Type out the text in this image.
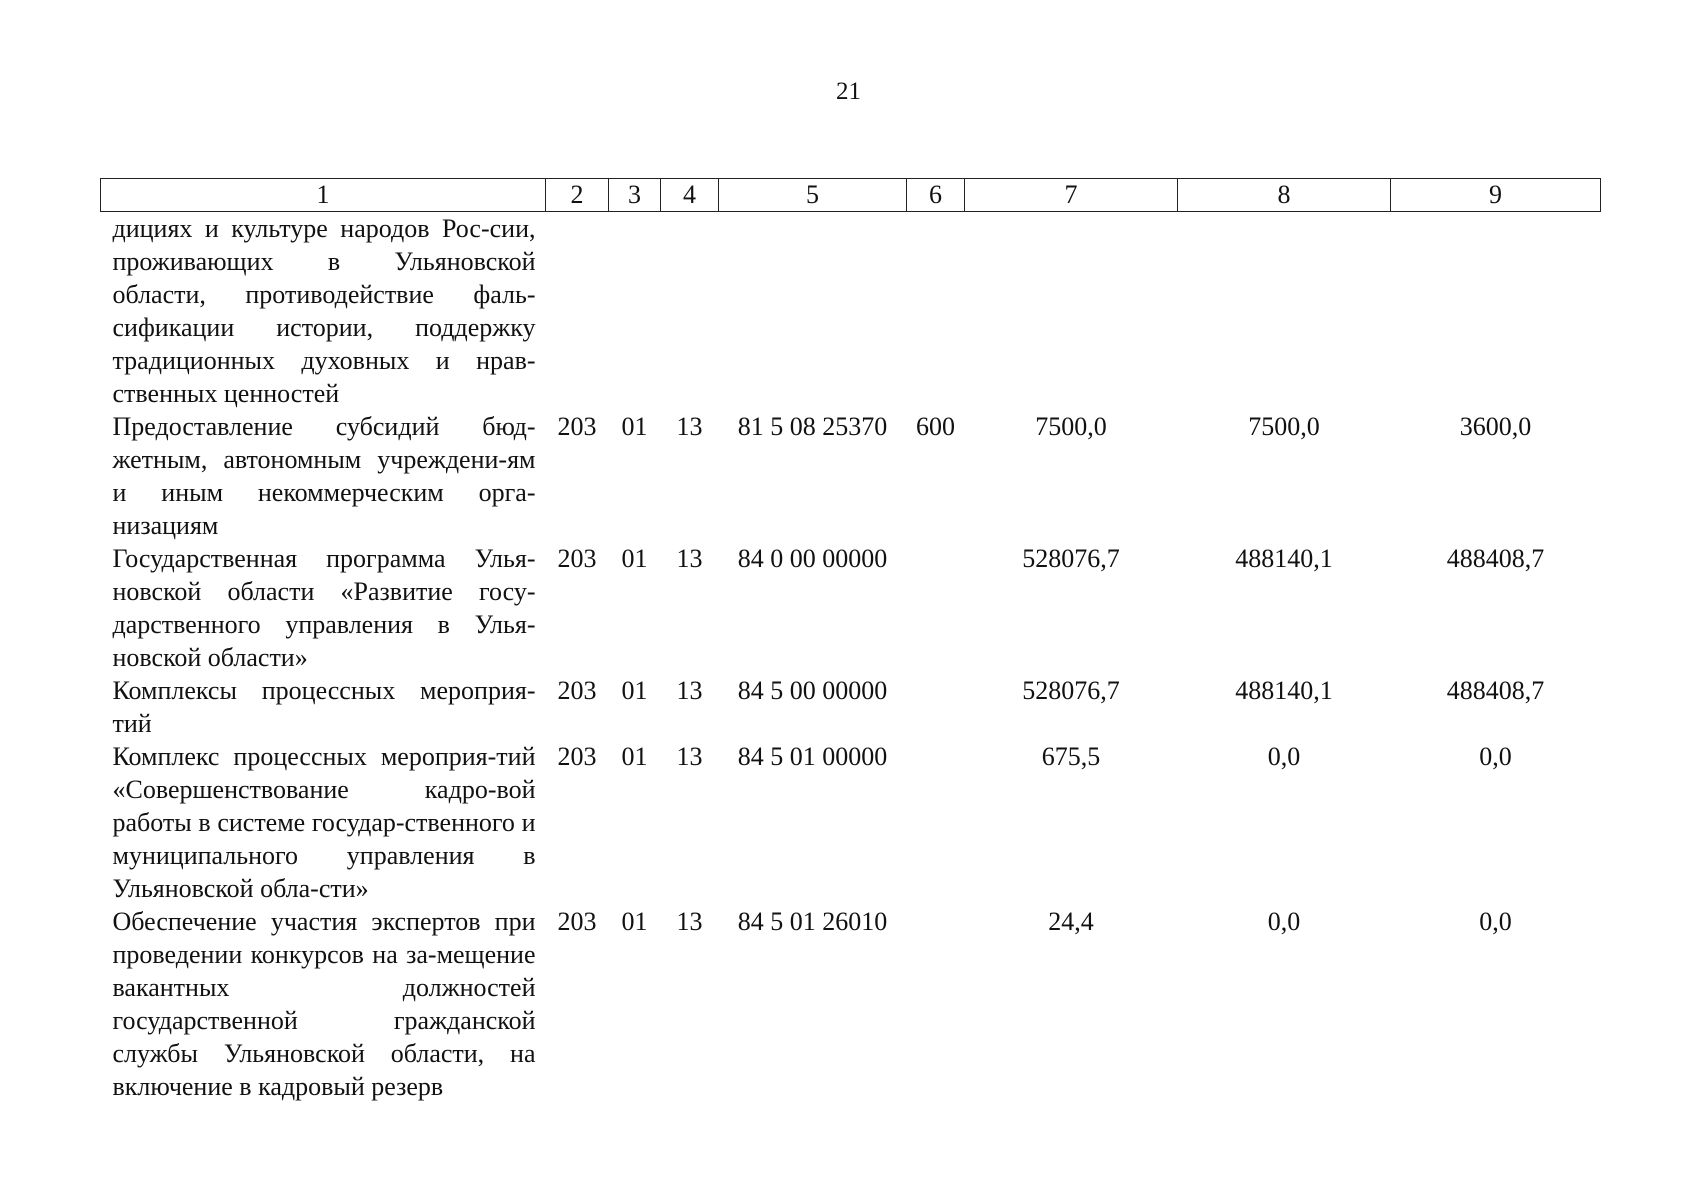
21
1	2	3	4	5	6	7	8	9
дициях и культуре народов Рос-сии, проживающих в Ульяновской области, противодействие фаль-сификации истории, поддержку традиционных духовных и нрав-ственных ценностей								
Предоставление субсидий бюд-жетным, автономным учреждени-ям и иным некоммерческим орга-низациям	203	01	13	81 5 08 25370	600	7500,0	7500,0	3600,0
Государственная программа Улья-новской области «Развитие госу-дарственного управления в Улья-новской области»	203	01	13	84 0 00 00000		528076,7	488140,1	488408,7
Комплексы процессных мероприя-тий	203	01	13	84 5 00 00000		528076,7	488140,1	488408,7
Комплекс процессных мероприя-тий «Совершенствование кадро-вой работы в системе государ-ственного и муниципального управления в Ульяновской обла-сти»	203	01	13	84 5 01 00000		675,5	0,0	0,0
Обеспечение участия экспертов при проведении конкурсов на за-мещение вакантных должностей государственной гражданской службы Ульяновской области, на включение в кадровый резерв	203	01	13	84 5 01 26010		24,4	0,0	0,0
